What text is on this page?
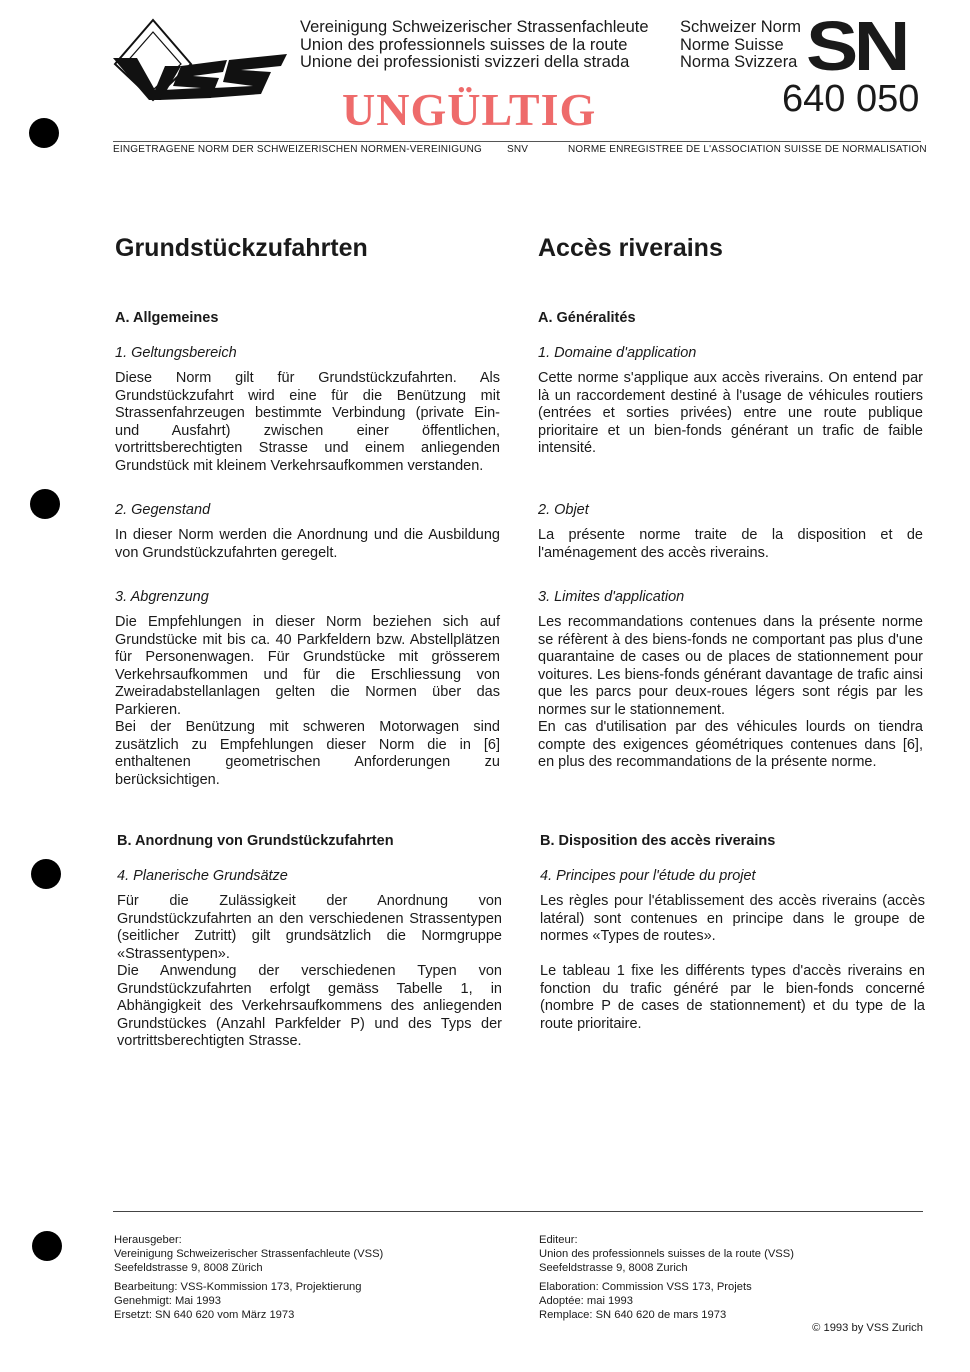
Vereinigung Schweizerischer Strassenfachleute
Union des professionnels suisses de la route
Unione dei professionisti svizzeri della strada
Schweizer Norm
Norme Suisse
Norma Svizzera SN
640 050
UNGÜLTIG
EINGETRAGENE NORM DER SCHWEIZERISCHEN NORMEN-VEREINIGUNG SNV	NORME ENREGISTREE DE L'ASSOCIATION SUISSE DE NORMALISATION
Grundstückzufahrten
A. Allgemeines
1. Geltungsbereich
Diese Norm gilt für Grundstückzufahrten. Als Grundstückzufahrt wird eine für die Benützung mit Strassenfahrzeugen bestimmte Verbindung (private Ein- und Ausfahrt) zwischen einer öffentlichen, vortrittsberechtigten Strasse und einem anliegenden Grundstück mit kleinem Verkehrsaufkommen verstanden.
2. Gegenstand
In dieser Norm werden die Anordnung und die Ausbildung von Grundstückzufahrten geregelt.
3. Abgrenzung
Die Empfehlungen in dieser Norm beziehen sich auf Grundstücke mit bis ca. 40 Parkfeldern bzw. Abstellplätzen für Personenwagen. Für Grundstücke mit grösserem Verkehrsaufkommen und für die Erschliessung von Zweiradabstellanlagen gelten die Normen über das Parkieren.
Bei der Benützung mit schweren Motorwagen sind zusätzlich zu Empfehlungen dieser Norm die in [6] enthaltenen geometrischen Anforderungen zu berücksichtigen.
B. Anordnung von Grundstückzufahrten
4. Planerische Grundsätze
Für die Zulässigkeit der Anordnung von Grundstückzufahrten an den verschiedenen Strassentypen (seitlicher Zutritt) gilt grundsätzlich die Normgruppe «Strassentypen».
Die Anwendung der verschiedenen Typen von Grundstückzufahrten erfolgt gemäss Tabelle 1, in Abhängigkeit des Verkehrsaufkommens des anliegenden Grundstückes (Anzahl Parkfelder P) und des Typs der vortrittsberechtigten Strasse.
Accès riverains
A. Généralités
1. Domaine d'application
Cette norme s'applique aux accès riverains. On entend par là un raccordement destiné à l'usage de véhicules routiers (entrées et sorties privées) entre une route publique prioritaire et un bien-fonds générant un trafic de faible intensité.
2. Objet
La présente norme traite de la disposition et de l'aménagement des accès riverains.
3. Limites d'application
Les recommandations contenues dans la présente norme se réfèrent à des biens-fonds ne comportant pas plus d'une quarantaine de cases ou de places de stationnement pour voitures. Les biens-fonds générant davantage de trafic ainsi que les parcs pour deux-roues légers sont régis par les normes sur le stationnement.
En cas d'utilisation par des véhicules lourds on tiendra compte des exigences géométriques contenues dans [6], en plus des recommandations de la présente norme.
B. Disposition des accès riverains
4. Principes pour l'étude du projet
Les règles pour l'établissement des accès riverains (accès latéral) sont contenues en principe dans le groupe de normes «Types de routes».
Le tableau 1 fixe les différents types d'accès riverains en fonction du trafic généré par le bien-fonds concerné (nombre P de cases de stationnement) et du type de la route prioritaire.
Herausgeber:
Vereinigung Schweizerischer Strassenfachleute (VSS)
Seefeldstrasse 9, 8008 Zürich
Bearbeitung: VSS-Kommission 173, Projektierung
Genehmigt: Mai 1993
Ersetzt: SN 640 620 vom März 1973
Editeur:
Union des professionnels suisses de la route (VSS)
Seefeldstrasse 9, 8008 Zurich
Elaboration: Commission VSS 173, Projets
Adoptée: mai 1993
Remplace: SN 640 620 de mars 1973
© 1993 by VSS Zurich
